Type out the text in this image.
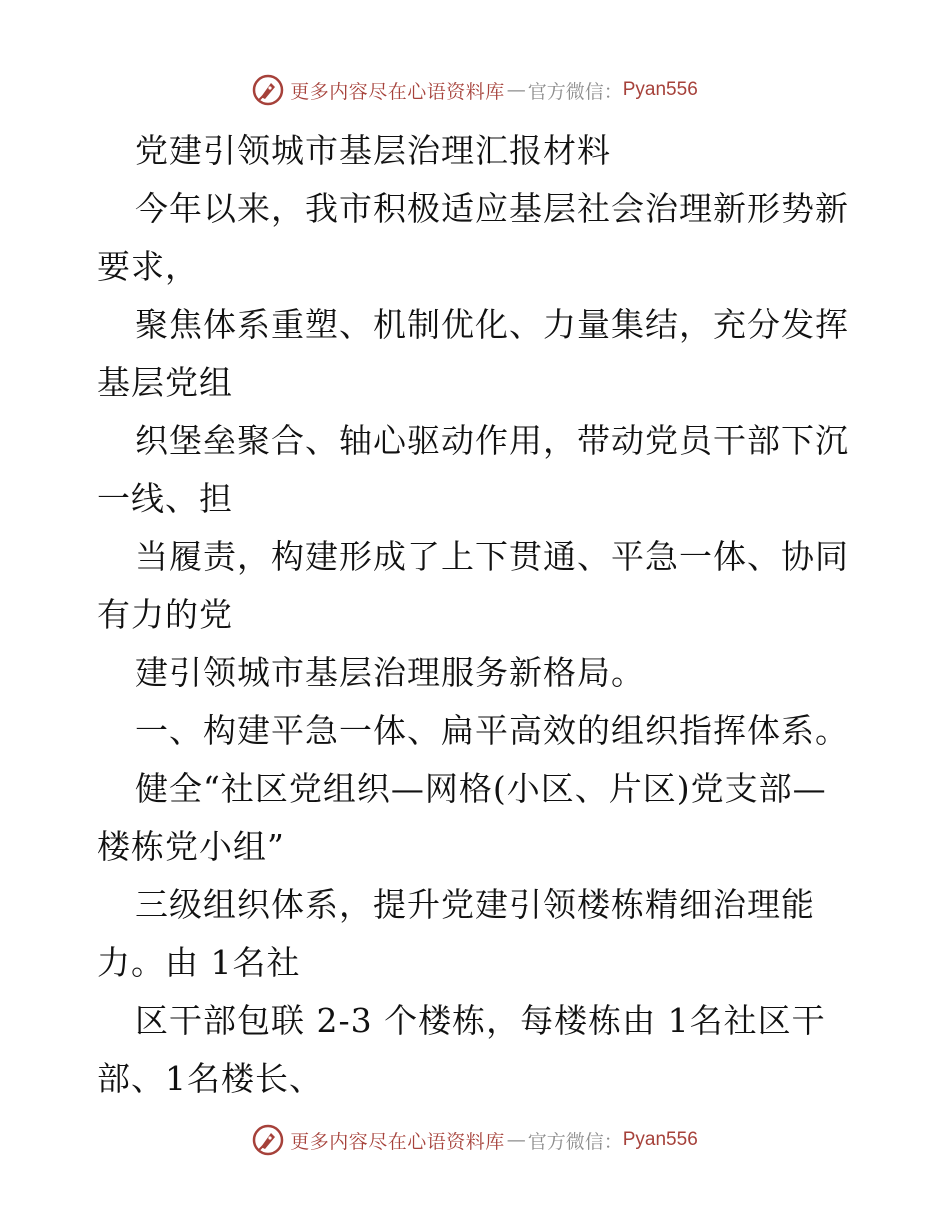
更多内容尽在心语资料库 — 官方微信： Pyan556
党建引领城市基层治理汇报材料
今年以来，我市积极适应基层社会治理新形势新
要求，
聚焦体系重塑、机制优化、力量集结，充分发挥
基层党组
织堡垒聚合、轴心驱动作用，带动党员干部下沉
一线、担
当履责，构建形成了上下贯通、平急一体、协同
有力的党
建引领城市基层治理服务新格局。
一、构建平急一体、扁平高效的组织指挥体系。
健全“社区党组织—网格(小区、片区)党支部—
楼栋党小组”
三级组织体系，提升党建引领楼栋精细治理能
力。由 1名社
区干部包联 2-3 个楼栋，每楼栋由 1名社区干
部、1名楼长、
更多内容尽在心语资料库 — 官方微信： Pyan556
